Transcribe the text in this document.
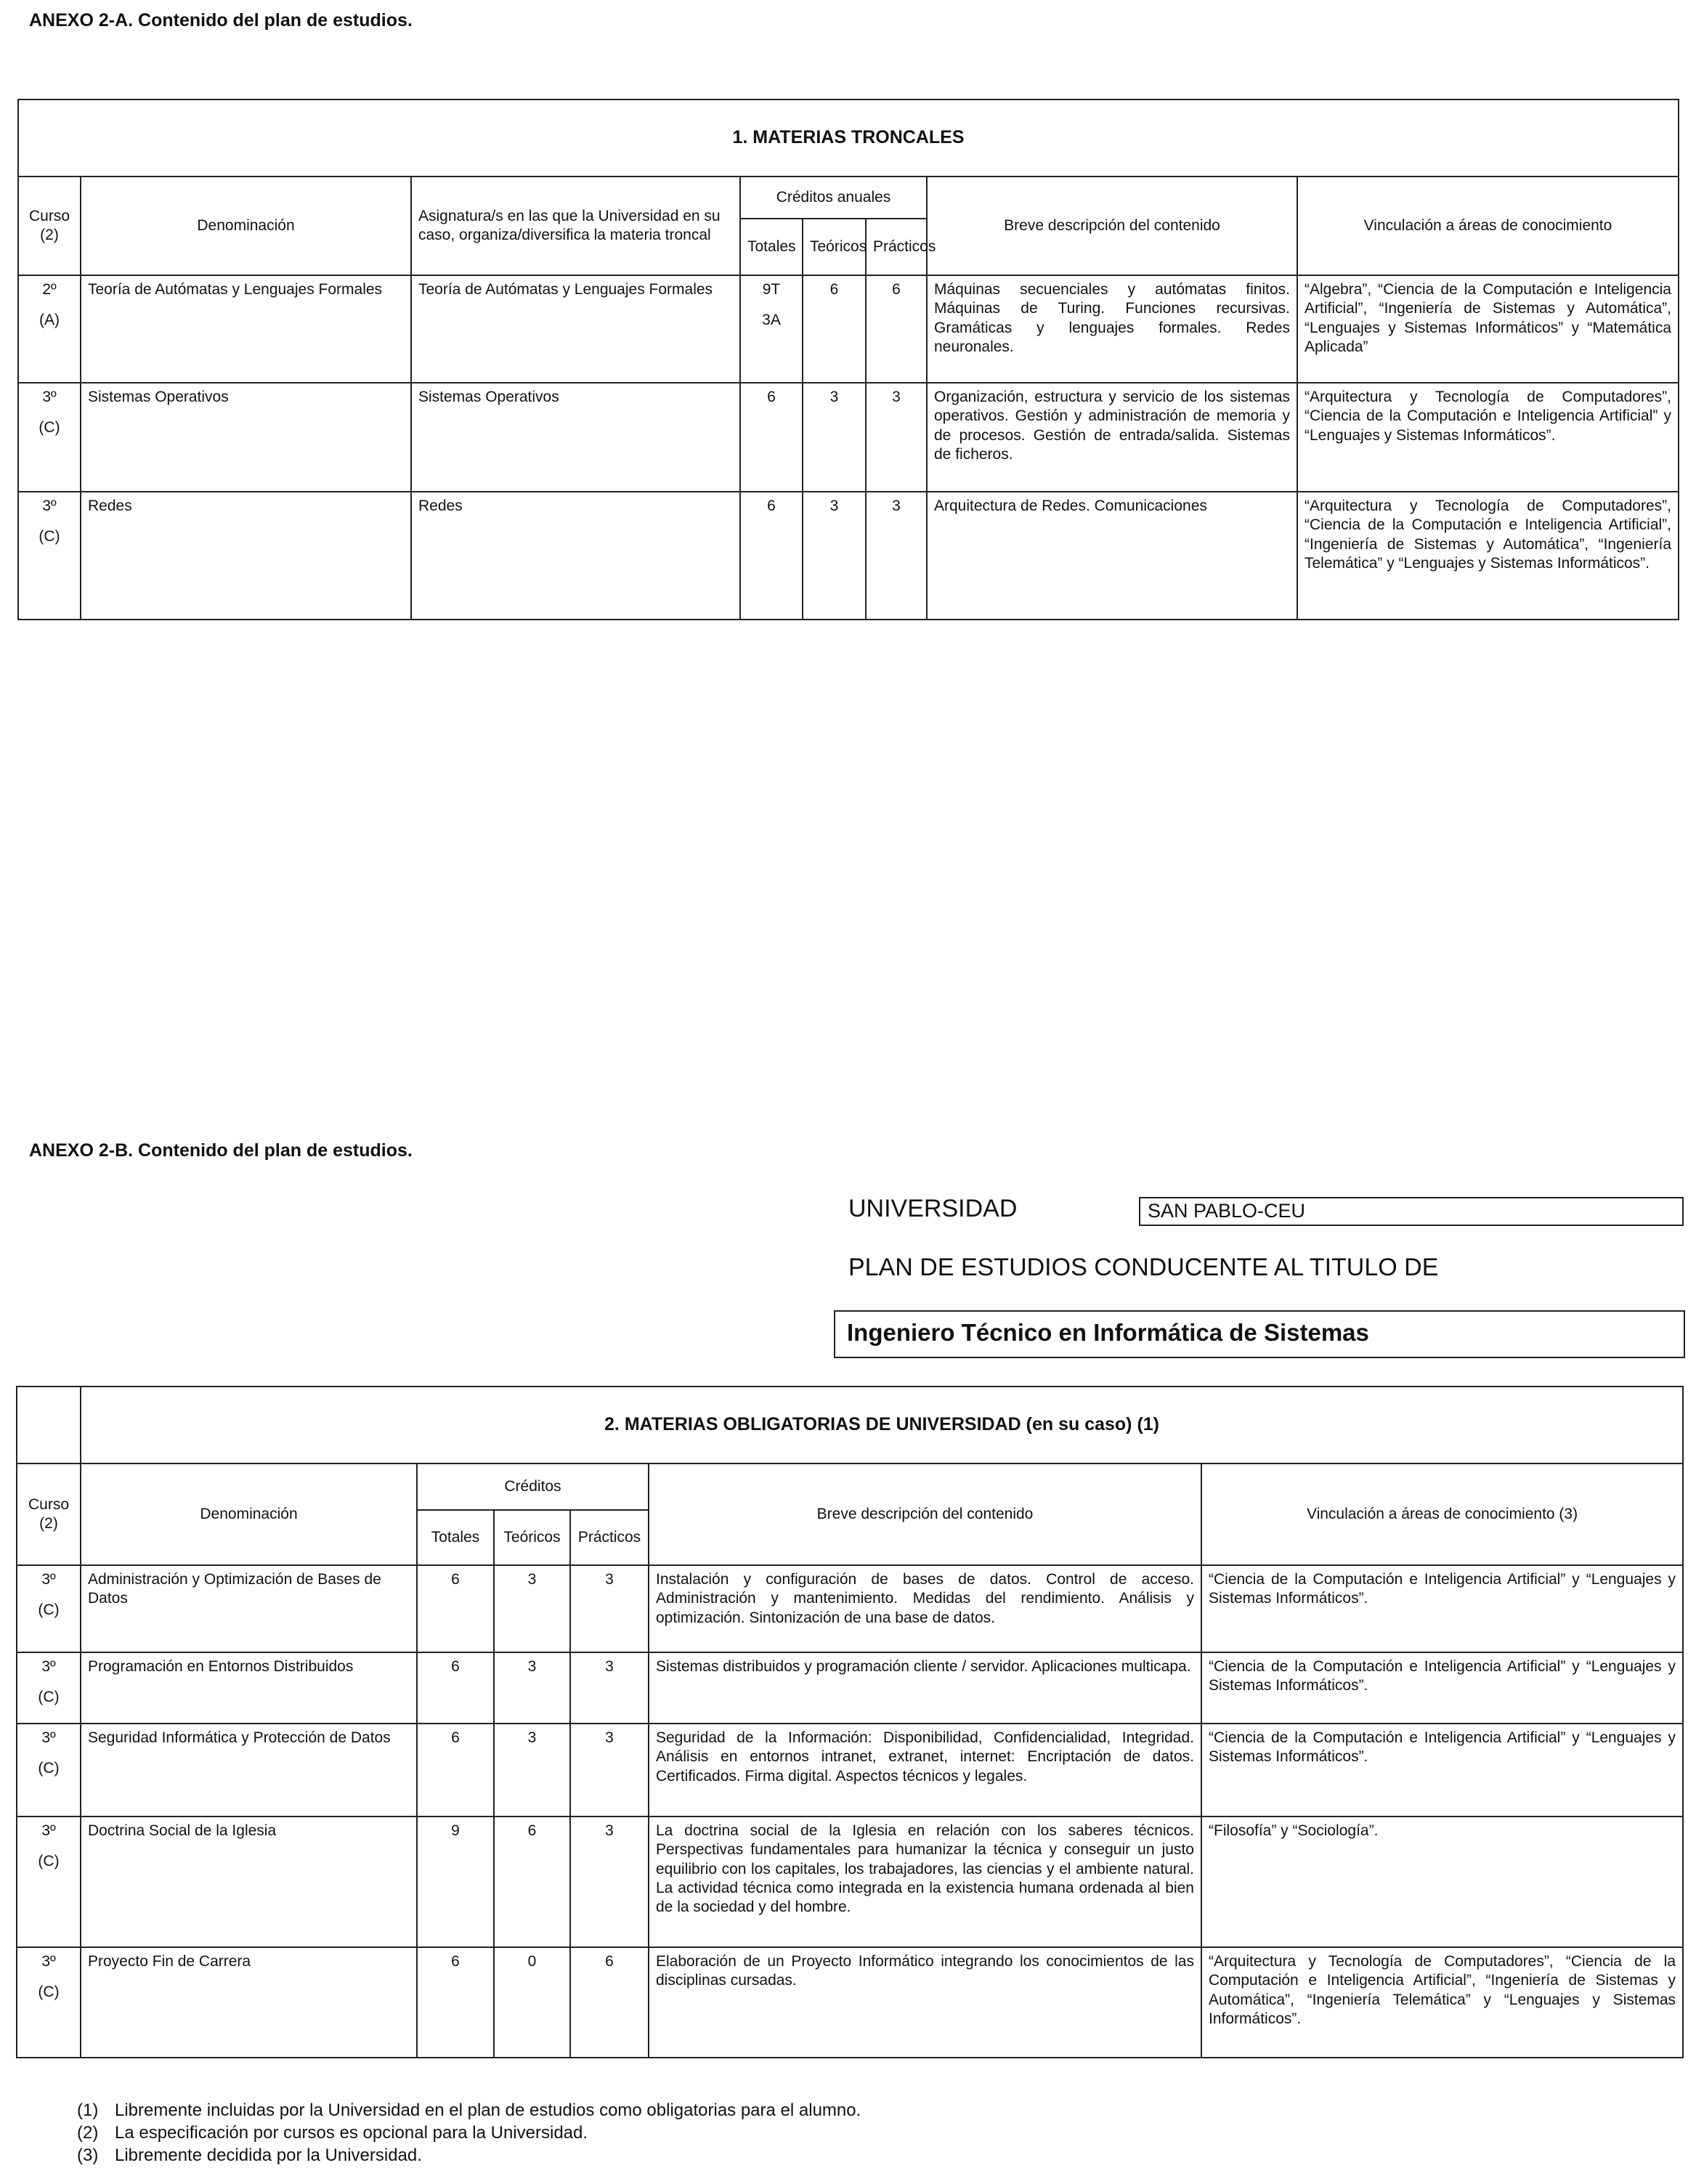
ANEXO 2-A. Contenido del plan de estudios.
1. MATERIAS TRONCALES							
Curso
(2)	Denominación	Asignatura/s en las que la Universidad en su caso, organiza/diversifica la materia troncal	Créditos anuales			Breve descripción del contenido	Vinculación a áreas de conocimiento
			Totales	Teóricos	Prácticos		
2º
(A)	Teoría de Autómatas y Lenguajes Formales	Teoría de Autómatas y Lenguajes Formales	9T
3A	6	6	Máquinas secuenciales y autómatas finitos. Máquinas de Turing. Funciones recursivas. Gramáticas y lenguajes formales. Redes neuronales.	“Algebra”, “Ciencia de la Computación e Inteligencia Artificial”, “Ingeniería de Sistemas y Automática”, “Lenguajes y Sistemas Informáticos” y “Matemática Aplicada”
3º
(C)	Sistemas Operativos	Sistemas Operativos	6	3	3	Organización, estructura y servicio de los sistemas operativos. Gestión y administración de memoria y de procesos. Gestión de entrada/salida. Sistemas de ficheros.	“Arquitectura y Tecnología de Computadores”, “Ciencia de la Computación e Inteligencia Artificial” y “Lenguajes y Sistemas Informáticos”.
3º
(C)	Redes	Redes	6	3	3	Arquitectura de Redes. Comunicaciones	“Arquitectura y Tecnología de Computadores”, “Ciencia de la Computación e Inteligencia Artificial”, “Ingeniería de Sistemas y Automática”, “Ingeniería Telemática” y “Lenguajes y Sistemas Informáticos”.
ANEXO 2-B. Contenido del plan de estudios.
UNIVERSIDAD	SAN PABLO-CEU
PLAN DE ESTUDIOS CONDUCENTE AL TITULO DE
Ingeniero Técnico en Informática de Sistemas
	2. MATERIAS OBLIGATORIAS DE UNIVERSIDAD (en su caso) (1)					
Curso
(2)	Denominación	Créditos			Breve descripción del contenido	Vinculación a áreas de conocimiento (3)
		Totales	Teóricos	Prácticos		
3º
(C)	Administración y Optimización de Bases de Datos	6	3	3	Instalación y configuración de bases de datos. Control de acceso. Administración y mantenimiento. Medidas del rendimiento. Análisis y optimización. Sintonización de una base de datos.	“Ciencia de la Computación e Inteligencia Artificial” y “Lenguajes y Sistemas Informáticos”.
3º
(C)	Programación en Entornos Distribuidos	6	3	3	Sistemas distribuidos y programación cliente / servidor. Aplicaciones multicapa.	“Ciencia de la Computación e Inteligencia Artificial” y “Lenguajes y Sistemas Informáticos”.
3º
(C)	Seguridad Informática y Protección de Datos	6	3	3	Seguridad de la Información: Disponibilidad, Confidencialidad, Integridad. Análisis en entornos intranet, extranet, internet: Encriptación de datos. Certificados. Firma digital. Aspectos técnicos y legales.	“Ciencia de la Computación e Inteligencia Artificial” y “Lenguajes y Sistemas Informáticos”.
3º
(C)	Doctrina Social de la Iglesia	9	6	3	La doctrina social de la Iglesia en relación con los saberes técnicos. Perspectivas fundamentales para humanizar la técnica y conseguir un justo equilibrio con los capitales, los trabajadores, las ciencias y el ambiente natural. La actividad técnica como integrada en la existencia humana ordenada al bien de la sociedad y del hombre.	“Filosofía” y “Sociología”.
3º
(C)	Proyecto Fin de Carrera	6	0	6	Elaboración de un Proyecto Informático integrando los conocimientos de las disciplinas cursadas.	“Arquitectura y Tecnología de Computadores”, “Ciencia de la Computación e Inteligencia Artificial”, “Ingeniería de Sistemas y Automática”, “Ingeniería Telemática” y “Lenguajes y Sistemas Informáticos”.
(1) Libremente incluidas por la Universidad en el plan de estudios como obligatorias para el alumno.
(2) La especificación por cursos es opcional para la Universidad.
(3) Libremente decidida por la Universidad.
